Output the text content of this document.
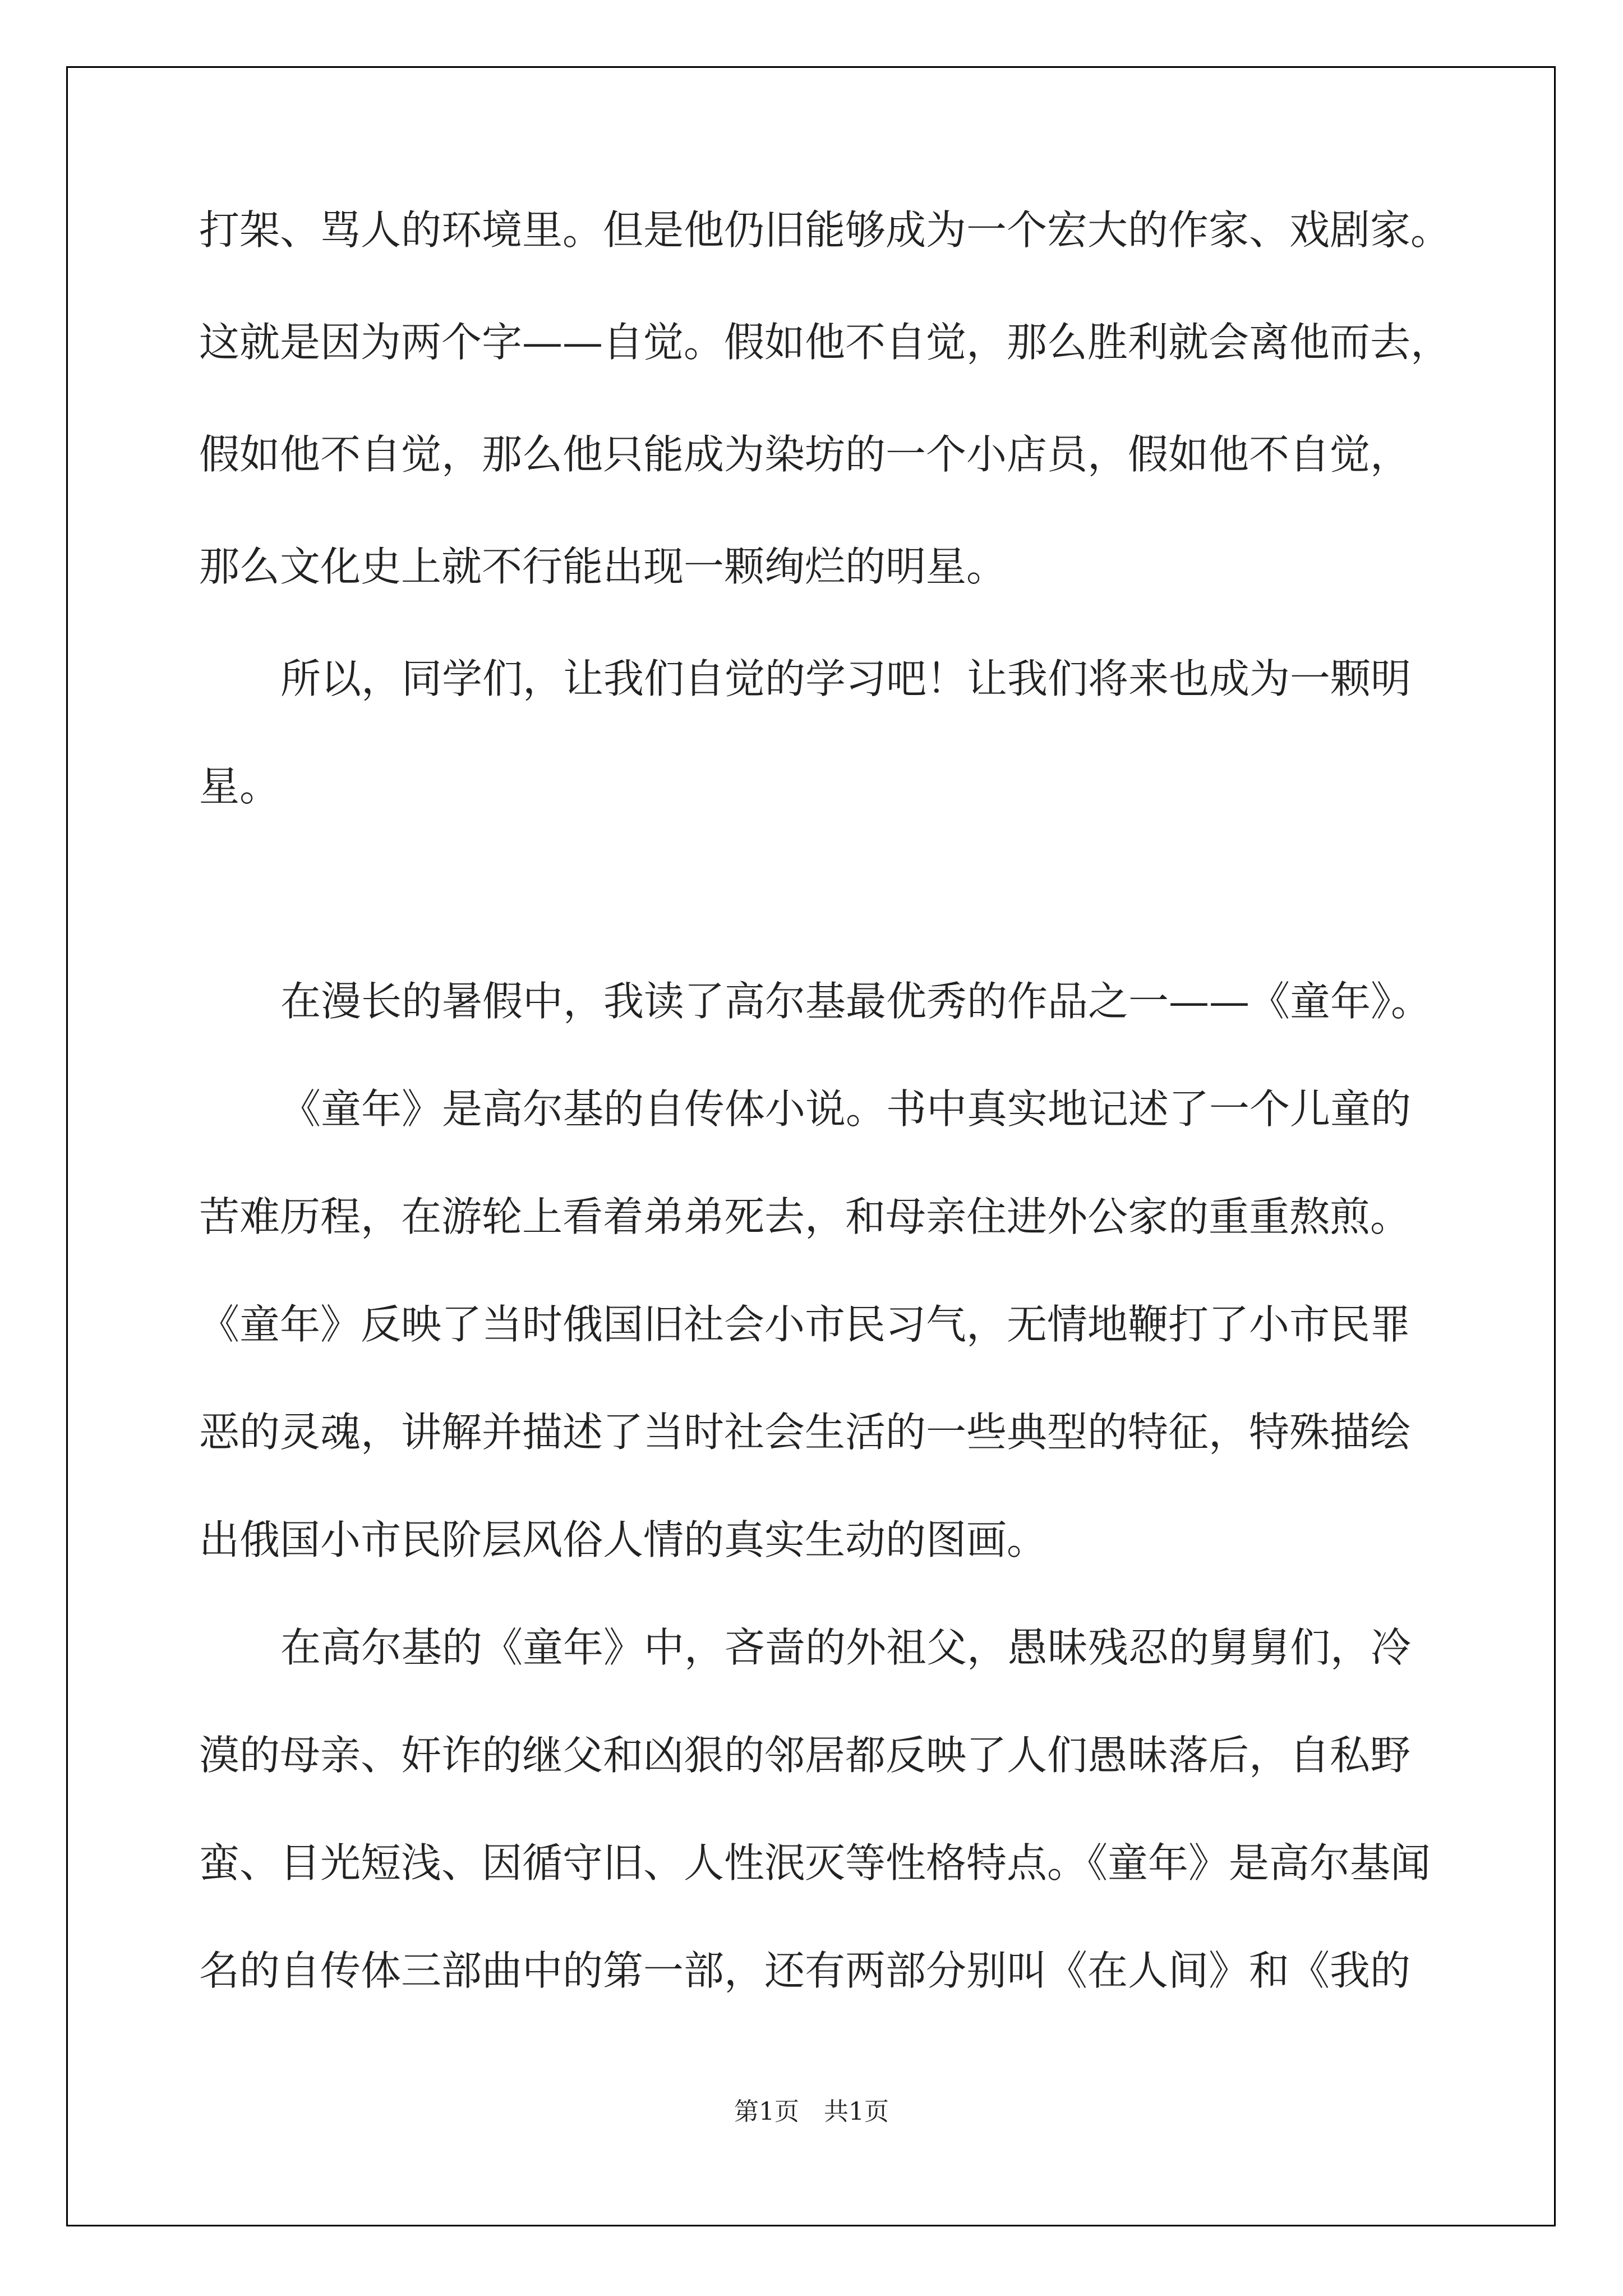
打架、骂人的环境里。但是他仍旧能够成为一个宏大的作家、戏剧家。
这就是因为两个字——自觉。假如他不自觉，那么胜利就会离他而去，
假如他不自觉，那么他只能成为染坊的一个小店员，假如他不自觉，
那么文化史上就不行能出现一颗绚烂的明星。
所以，同学们，让我们自觉的学习吧！让我们将来也成为一颗明
星。
在漫长的暑假中，我读了高尔基最优秀的作品之一——《童年》。
《童年》是高尔基的自传体小说。书中真实地记述了一个儿童的
苦难历程，在游轮上看着弟弟死去，和母亲住进外公家的重重熬煎。
《童年》反映了当时俄国旧社会小市民习气，无情地鞭打了小市民罪
恶的灵魂，讲解并描述了当时社会生活的一些典型的特征，特殊描绘
出俄国小市民阶层风俗人情的真实生动的图画。
在高尔基的《童年》中，吝啬的外祖父，愚昧残忍的舅舅们，冷
漠的母亲、奸诈的继父和凶狠的邻居都反映了人们愚昧落后，自私野
蛮、目光短浅、因循守旧、人性泯灭等性格特点。《童年》是高尔基闻
名的自传体三部曲中的第一部，还有两部分别叫《在人间》和《我的
第1页　共1页
